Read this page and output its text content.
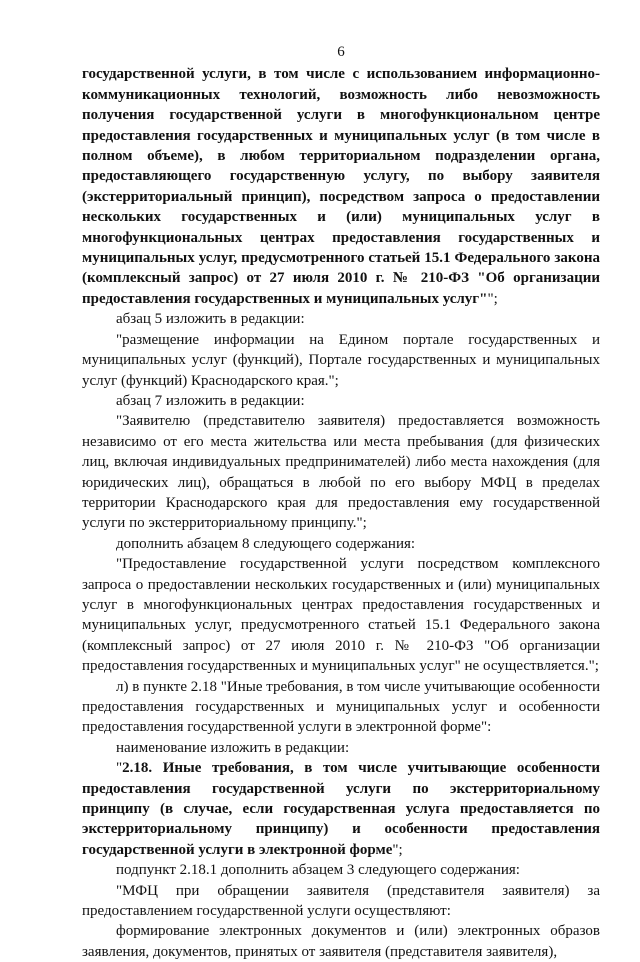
6

государственной услуги, в том числе с использованием информационно-коммуникационных технологий, возможность либо невозможность получения государственной услуги в многофункциональном центре предоставления государственных и муниципальных услуг (в том числе в полном объеме), в любом территориальном подразделении органа, предоставляющего государственную услугу, по выбору заявителя (экстерриториальный принцип), посредством запроса о предоставлении нескольких государственных и (или) муниципальных услуг в многофункциональных центрах предоставления государственных и муниципальных услуг, предусмотренного статьей 15.1 Федерального закона (комплексный запрос) от 27 июля 2010 г. № 210-ФЗ "Об организации предоставления государственных и муниципальных услуг"";

абзац 5 изложить в редакции:

"размещение информации на Едином портале государственных и муниципальных услуг (функций), Портале государственных и муниципальных услуг (функций) Краснодарского края.";

абзац 7 изложить в редакции:

"Заявителю (представителю заявителя) предоставляется возможность независимо от его места жительства или места пребывания (для физических лиц, включая индивидуальных предпринимателей) либо места нахождения (для юридических лиц), обращаться в любой по его выбору МФЦ в пределах территории Краснодарского края для предоставления ему государственной услуги по экстерриториальному принципу.";

дополнить абзацем 8 следующего содержания:

"Предоставление государственной услуги посредством комплексного запроса о предоставлении нескольких государственных и (или) муниципальных услуг в многофункциональных центрах предоставления государственных и муниципальных услуг, предусмотренного статьей 15.1 Федерального закона (комплексный запрос) от 27 июля 2010 г. № 210-ФЗ "Об организации предоставления государственных и муниципальных услуг" не осуществляется.";

л) в пункте 2.18 "Иные требования, в том числе учитывающие особенности предоставления государственных и муниципальных услуг и особенности предоставления государственной услуги в электронной форме":

наименование изложить в редакции:

"2.18. Иные требования, в том числе учитывающие особенности предоставления государственной услуги по экстерриториальному принципу (в случае, если государственная услуга предоставляется по экстерриториальному принципу) и особенности предоставления государственной услуги в электронной форме";

подпункт 2.18.1 дополнить абзацем 3 следующего содержания:

"МФЦ при обращении заявителя (представителя заявителя) за предоставлением государственной услуги осуществляют:

формирование электронных документов и (или) электронных образов заявления, документов, принятых от заявителя (представителя заявителя),
